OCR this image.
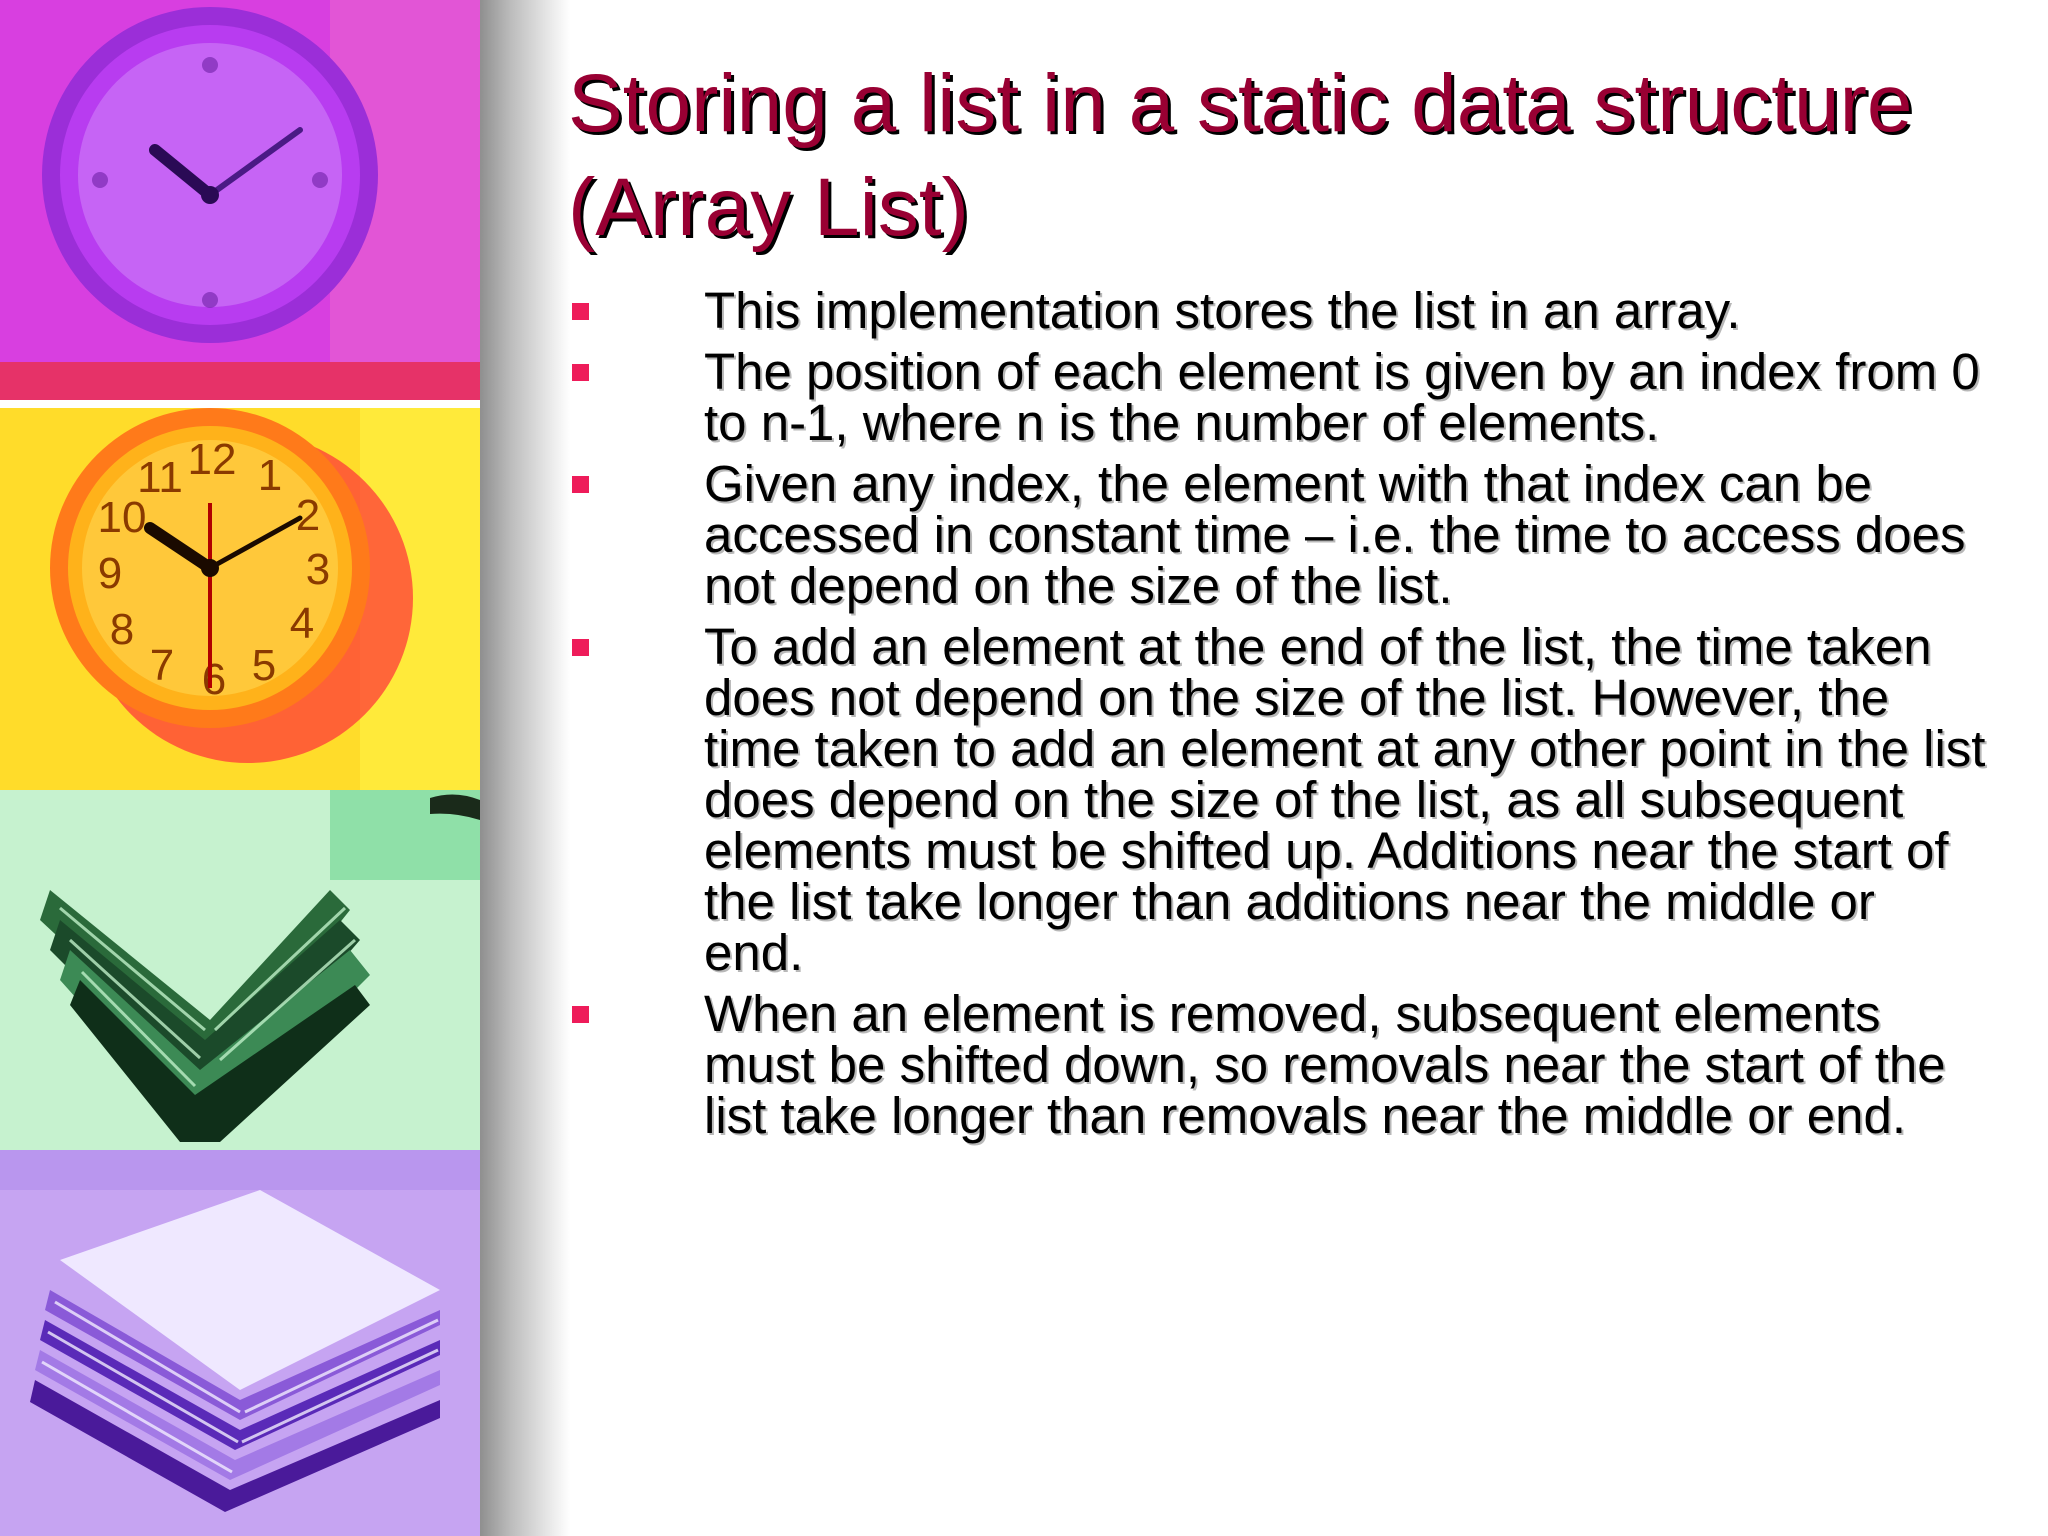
12 1
2
3
4
5
6
7
8
9
10
11
Storing a list in a static data structure (Array List)
This implementation stores the list in an array.
The position of each element is given by an index from 0 to n-1, where n is the number of elements.
Given any index, the element with that index can be accessed in constant time – i.e. the time to access does not depend on the size of the list.
To add an element at the end of the list, the time taken does not depend on the size of the list. However, the time taken to add an element at any other point in the list does depend on the size of the list, as all subsequent elements must be shifted up. Additions near the start of the list take longer than additions near the middle or end.
When an element is removed, subsequent elements must be shifted down, so removals near the start of the list take longer than removals near the middle or end.
